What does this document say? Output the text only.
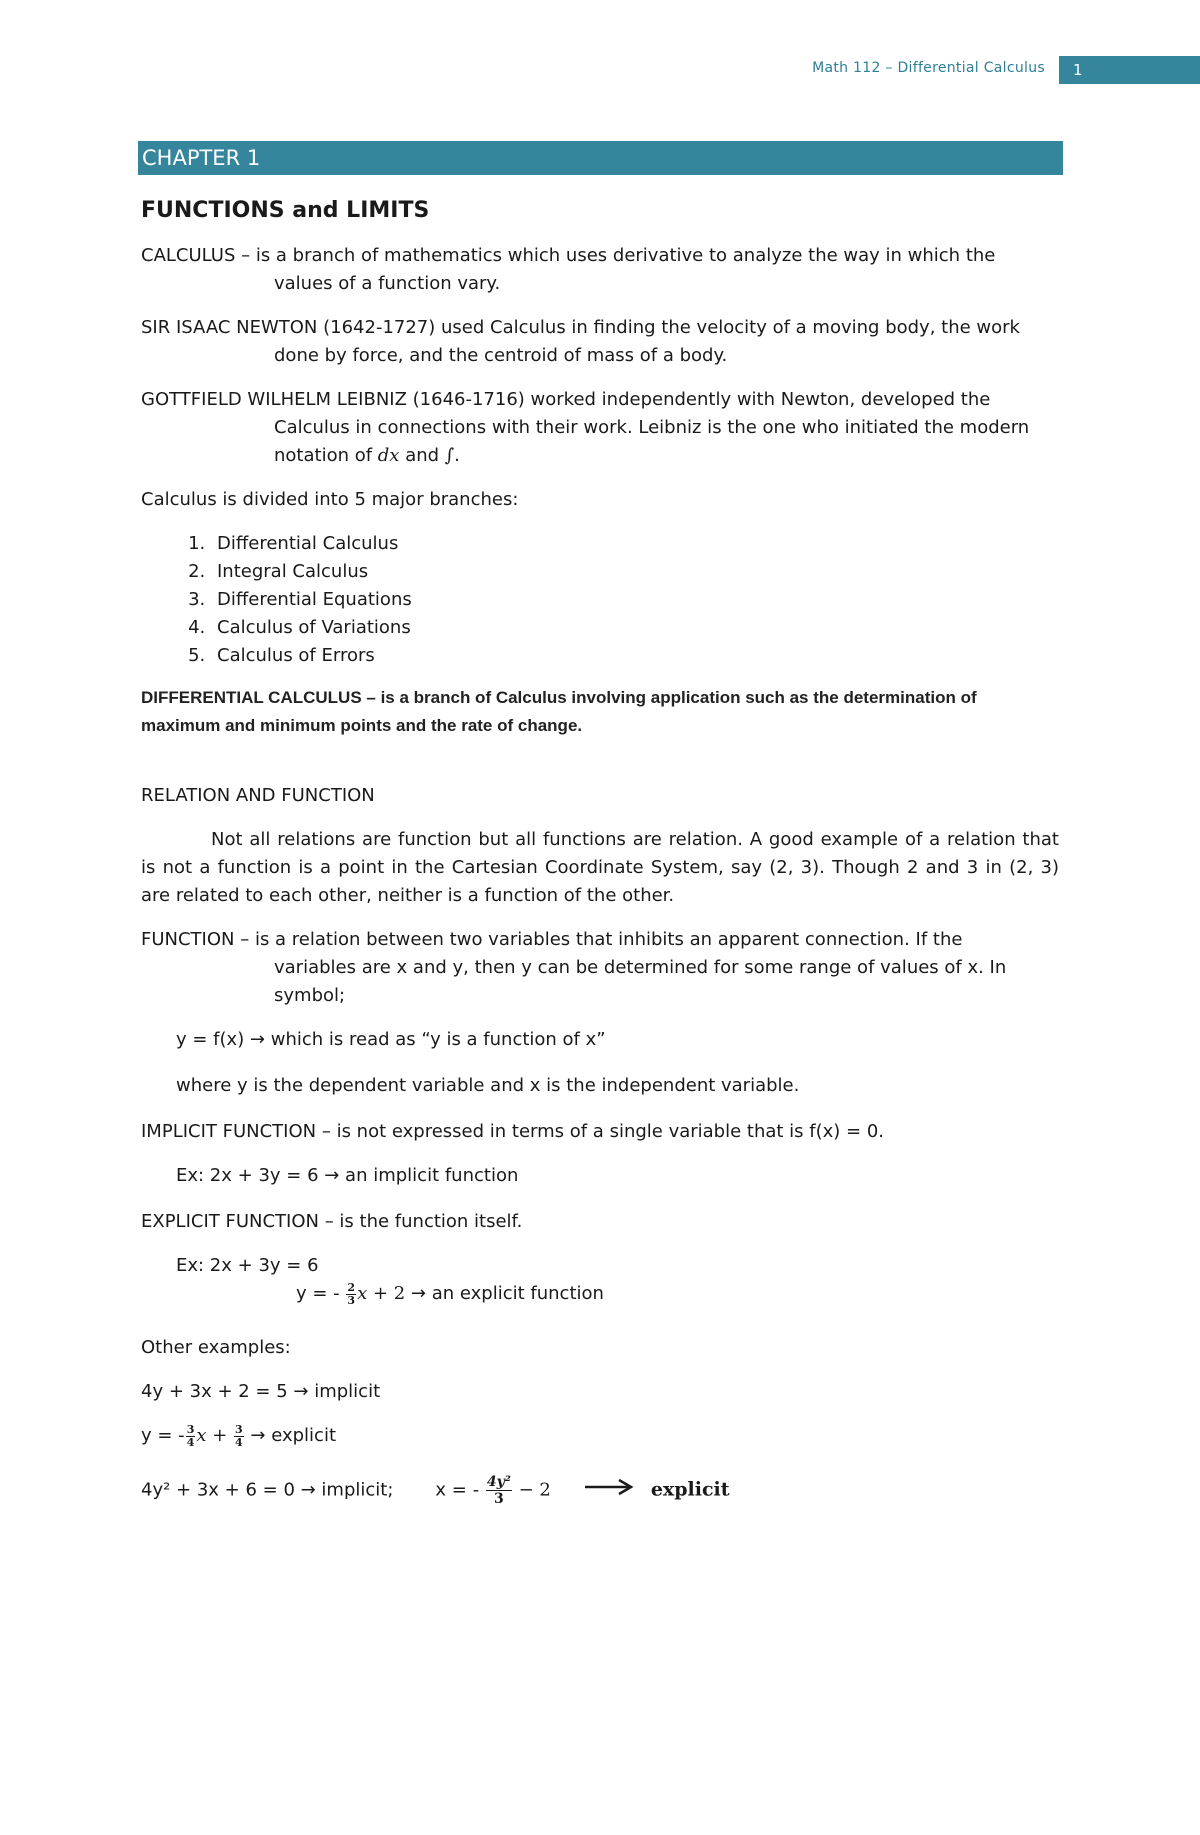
Math 112 – Differential Calculus	1
CHAPTER 1
FUNCTIONS and LIMITS

CALCULUS – is a branch of mathematics which uses derivative to analyze the way in which the
values of a function vary.

SIR ISAAC NEWTON (1642-1727) used Calculus in finding the velocity of a moving body, the work
done by force, and the centroid of mass of a body.

GOTTFIELD WILHELM LEIBNIZ (1646-1716) worked independently with Newton, developed the
Calculus in connections with their work. Leibniz is the one who initiated the modern
notation of dx and ∫.

Calculus is divided into 5 major branches:

1. Differential Calculus
2. Integral Calculus
3. Differential Equations
4. Calculus of Variations
5. Calculus of Errors

DIFFERENTIAL CALCULUS – is a branch of Calculus involving application such as the determination of maximum and minimum points and the rate of change.

RELATION AND FUNCTION

Not all relations are function but all functions are relation. A good example of a relation that is not a function is a point in the Cartesian Coordinate System, say (2, 3). Though 2 and 3 in (2, 3) are related to each other, neither is a function of the other.

FUNCTION – is a relation between two variables that inhibits an apparent connection. If the
variables are x and y, then y can be determined for some range of values of x. In
symbol;

y = f(x) → which is read as “y is a function of x”

where y is the dependent variable and x is the independent variable.

IMPLICIT FUNCTION – is not expressed in terms of a single variable that is f(x) = 0.

Ex: 2x + 3y = 6 → an implicit function

EXPLICIT FUNCTION – is the function itself.

Ex: 2x + 3y = 6
y = - $\frac{2}{3}$ x + 2 → an explicit function

Other examples:

4y + 3x + 2 = 5 → implicit

y = - $\frac{3}{4}$ $x + \frac{3}{4}$ → explicit

4y² + 3x + 6 = 0 → implicit; x = - $\frac{\text{4y²}}{3} - 2$	explicit
